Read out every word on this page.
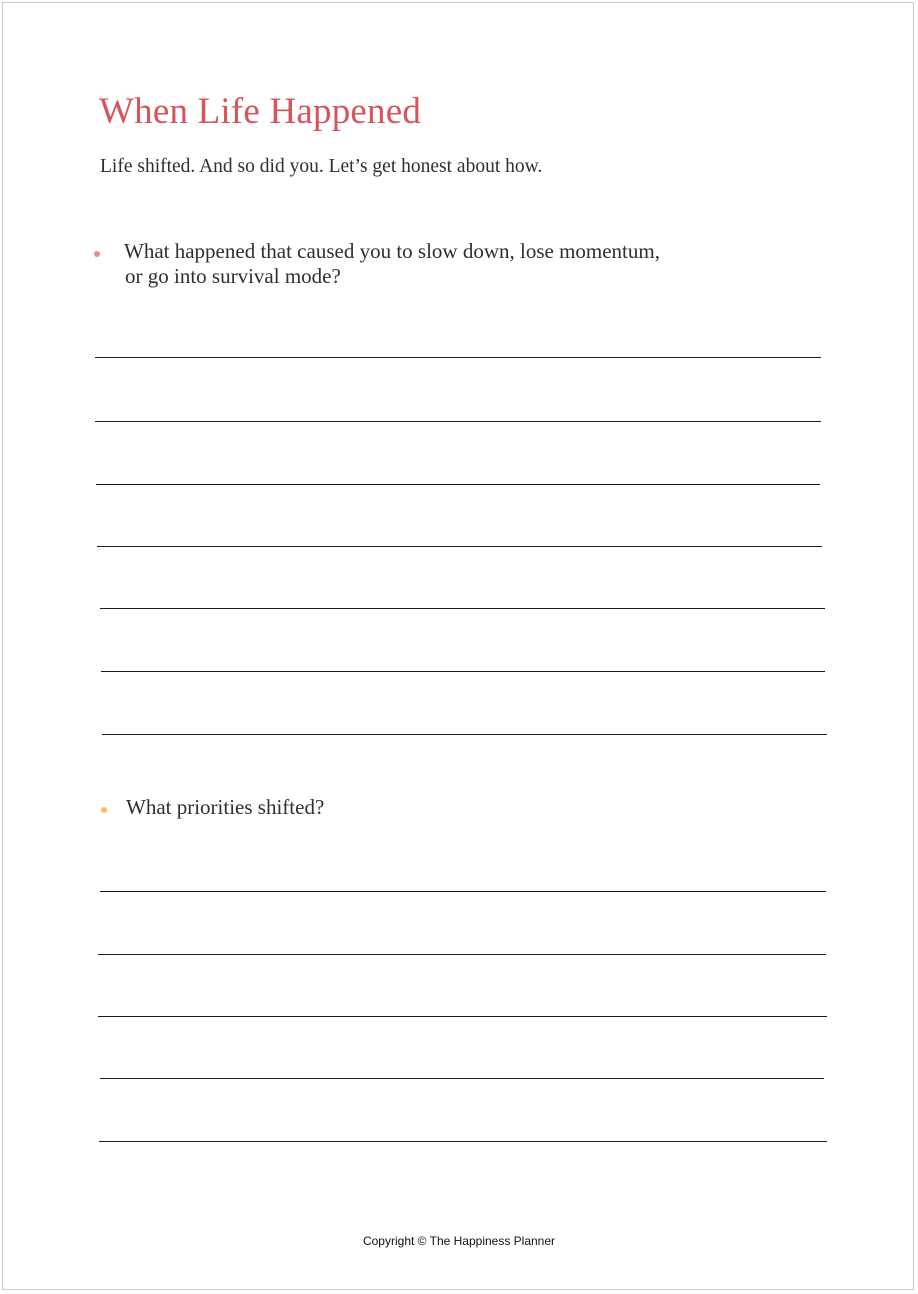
When Life Happened

Life shifted. And so did you. Let’s get honest about how.

What happened that caused you to slow down, lose momentum,

or go into survival mode?

What priorities shifted?

Copyright © The Happiness Planner
